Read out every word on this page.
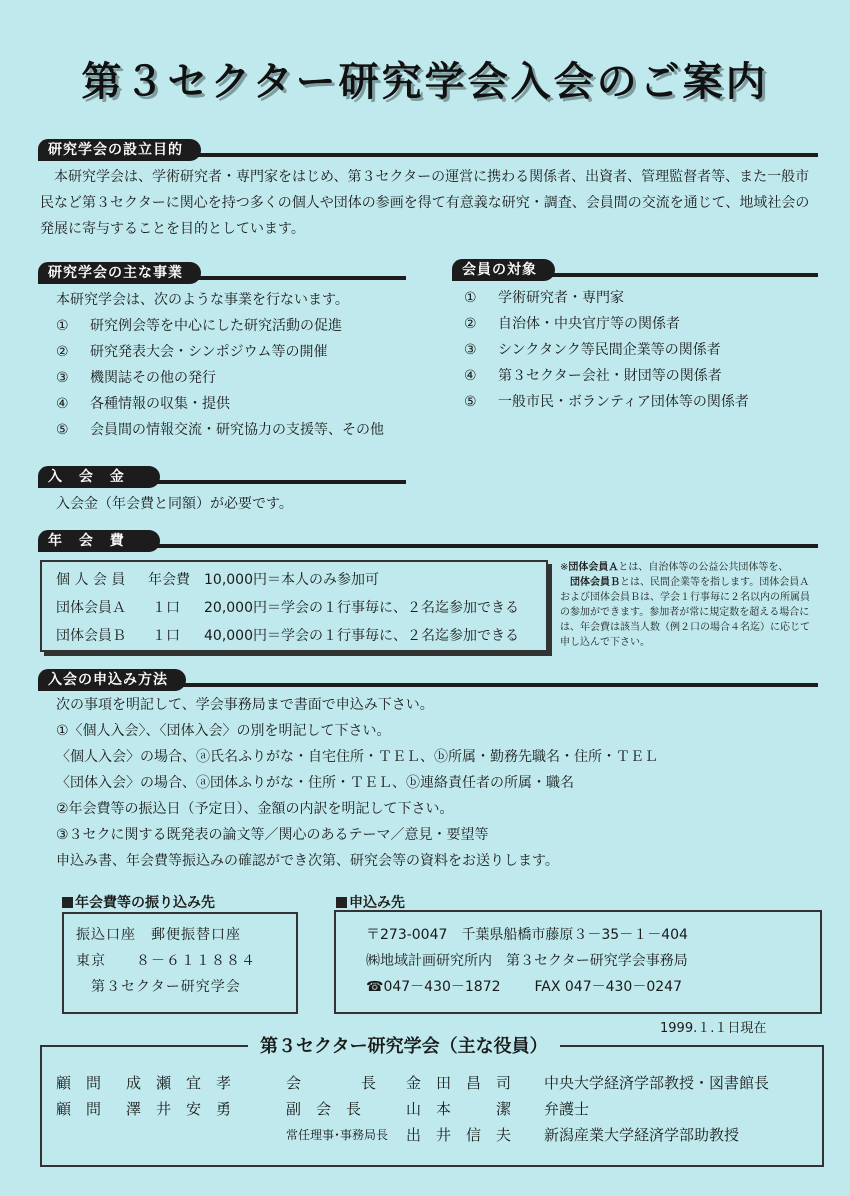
第３セクター研究学会入会のご案内
研究学会の設立目的
本研究学会は、学術研究者・専門家をはじめ、第３セクターの運営に携わる関係者、出資者、管理監督者等、また一般市民など第３セクターに関心を持つ多くの個人や団体の参画を得て有意義な研究・調査、会員間の交流を通じて、地域社会の発展に寄与することを目的としています。
研究学会の主な事業
本研究学会は、次のような事業を行ないます。
① 研究例会等を中心にした研究活動の促進
② 研究発表大会・シンポジウム等の開催
③ 機関誌その他の発行
④ 各種情報の収集・提供
⑤ 会員間の情報交流・研究協力の支援等、その他
会員の対象
① 学術研究者・専門家
② 自治体・中央官庁等の関係者
③ シンクタンク等民間企業等の関係者
④ 第３セクター会社・財団等の関係者
⑤ 一般市民・ボランティア団体等の関係者
入 会 金
入会金（年会費と同額）が必要です。
年 会 費
個 人 会 員 年会費 10,000円＝本人のみ参加可
団体会員Ａ １口 20,000円＝学会の１行事毎に、２名迄参加できる
団体会員Ｂ １口 40,000円＝学会の１行事毎に、２名迄参加できる
※団体会員Ａとは、自治体等の公益公共団体等を、
団体会員Ｂとは、民間企業等を指します。団体会員Ａおよび団体会員Ｂは、学会１行事毎に２名以内の所属員の参加ができます。参加者が常に規定数を超える場合には、年会費は該当人数（例２口の場合４名迄）に応じて申し込んで下さい。
入会の申込み方法
次の事項を明記して、学会事務局まで書面で申込み下さい。
①〈個人入会〉、〈団体入会〉の別を明記して下さい。
〈個人入会〉の場合、ⓐ氏名ふりがな・自宅住所・ＴＥＬ、ⓑ所属・勤務先職名・住所・ＴＥＬ
〈団体入会〉の場合、ⓐ団体ふりがな・住所・ＴＥＬ、ⓑ連絡責任者の所属・職名
②年会費等の振込日（予定日）、金額の内訳を明記して下さい。
③３セクに関する既発表の論文等／関心のあるテーマ／意見・要望等
申込み書、年会費等振込みの確認ができ次第、研究会等の資料をお送りします。
年会費等の振り込み先
振込口座　郵便振替口座
東京　　８－６１１８８４
　第３セクター研究学会
申込み先
〒273-0047　千葉県船橋市藤原３－35－１－404
㈱地域計画研究所内　第３セクター研究学会事務局
☎047－430－1872 FAX 047－430－0247
1999.１.１日現在
第３セクター研究学会（主な役員）
顧　問 成　瀬　宜　孝	会　　　　長 金　田　昌　司 中央大学経済学部教授・図書館長
顧　問 澤　井　安　勇	副　会　長	山　本　　　潔 弁護士
常任理事･事務局長 出　井　信　夫 新潟産業大学経済学部助教授
